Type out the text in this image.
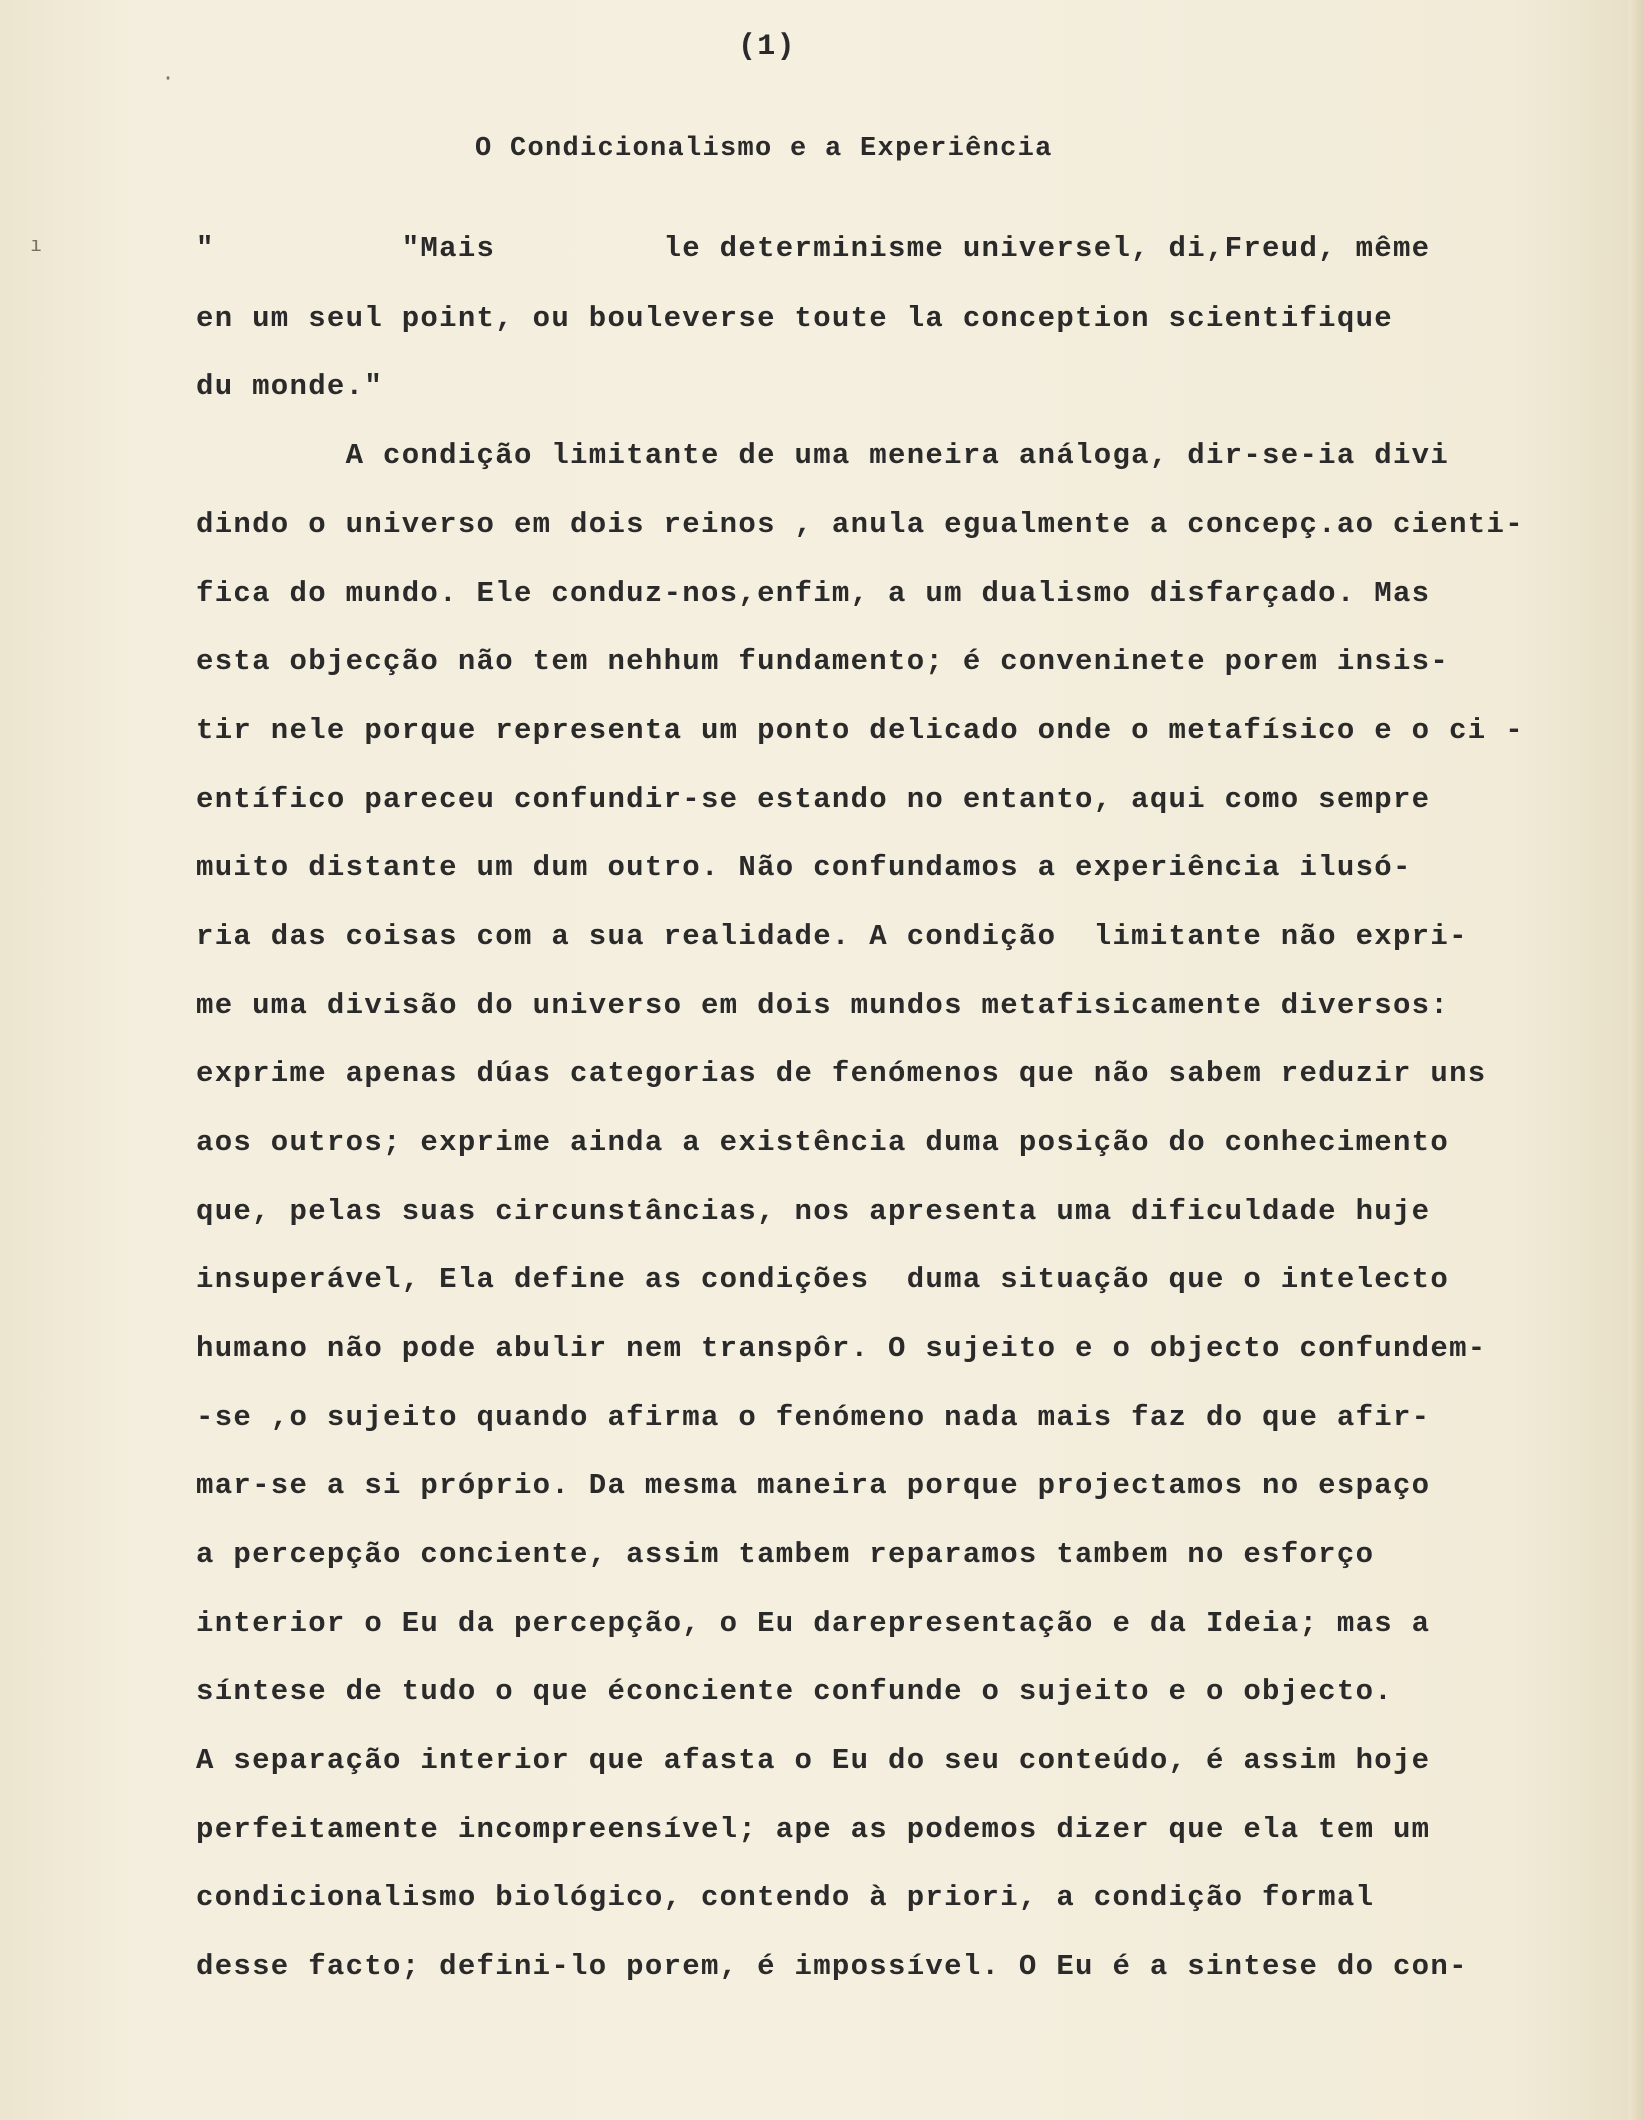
·
ı
(1)
O Condicionalismo e a Experiência
"          "Mais         le determinisme universel, di,Freud, même
en um seul point, ou bouleverse toute la conception scientifique
du monde."
A condição limitante de uma meneira análoga, dir-se-ia divi
dindo o universo em dois reinos , anula egualmente a concepç.ao cienti-
fica do mundo. Ele conduz-nos,enfim, a um dualismo disfarçado. Mas
esta objecção não tem nehhum fundamento; é conveninete porem insis-
tir nele porque representa um ponto delicado onde o metafísico e o ci -
entífico pareceu confundir-se estando no entanto, aqui como sempre
muito distante um dum outro. Não confundamos a experiência ilusó-
ria das coisas com a sua realidade. A condição  limitante não expri-
me uma divisão do universo em dois mundos metafisicamente diversos:
exprime apenas dúas categorias de fenómenos que não sabem reduzir uns
aos outros; exprime ainda a existência duma posição do conhecimento
que, pelas suas circunstâncias, nos apresenta uma dificuldade huje
insuperável, Ela define as condições  duma situação que o intelecto
humano não pode abulir nem transpôr. O sujeito e o objecto confundem-
-se ,o sujeito quando afirma o fenómeno nada mais faz do que afir-
mar-se a si próprio. Da mesma maneira porque projectamos no espaço
a percepção conciente, assim tambem reparamos tambem no esforço
interior o Eu da percepção, o Eu darepresentação e da Ideia; mas a
síntese de tudo o que éconciente confunde o sujeito e o objecto.
A separação interior que afasta o Eu do seu conteúdo, é assim hoje
perfeitamente incompreensível; ape as podemos dizer que ela tem um
condicionalismo biológico, contendo à priori, a condição formal
desse facto; defini-lo porem, é impossível. O Eu é a sintese do con-
